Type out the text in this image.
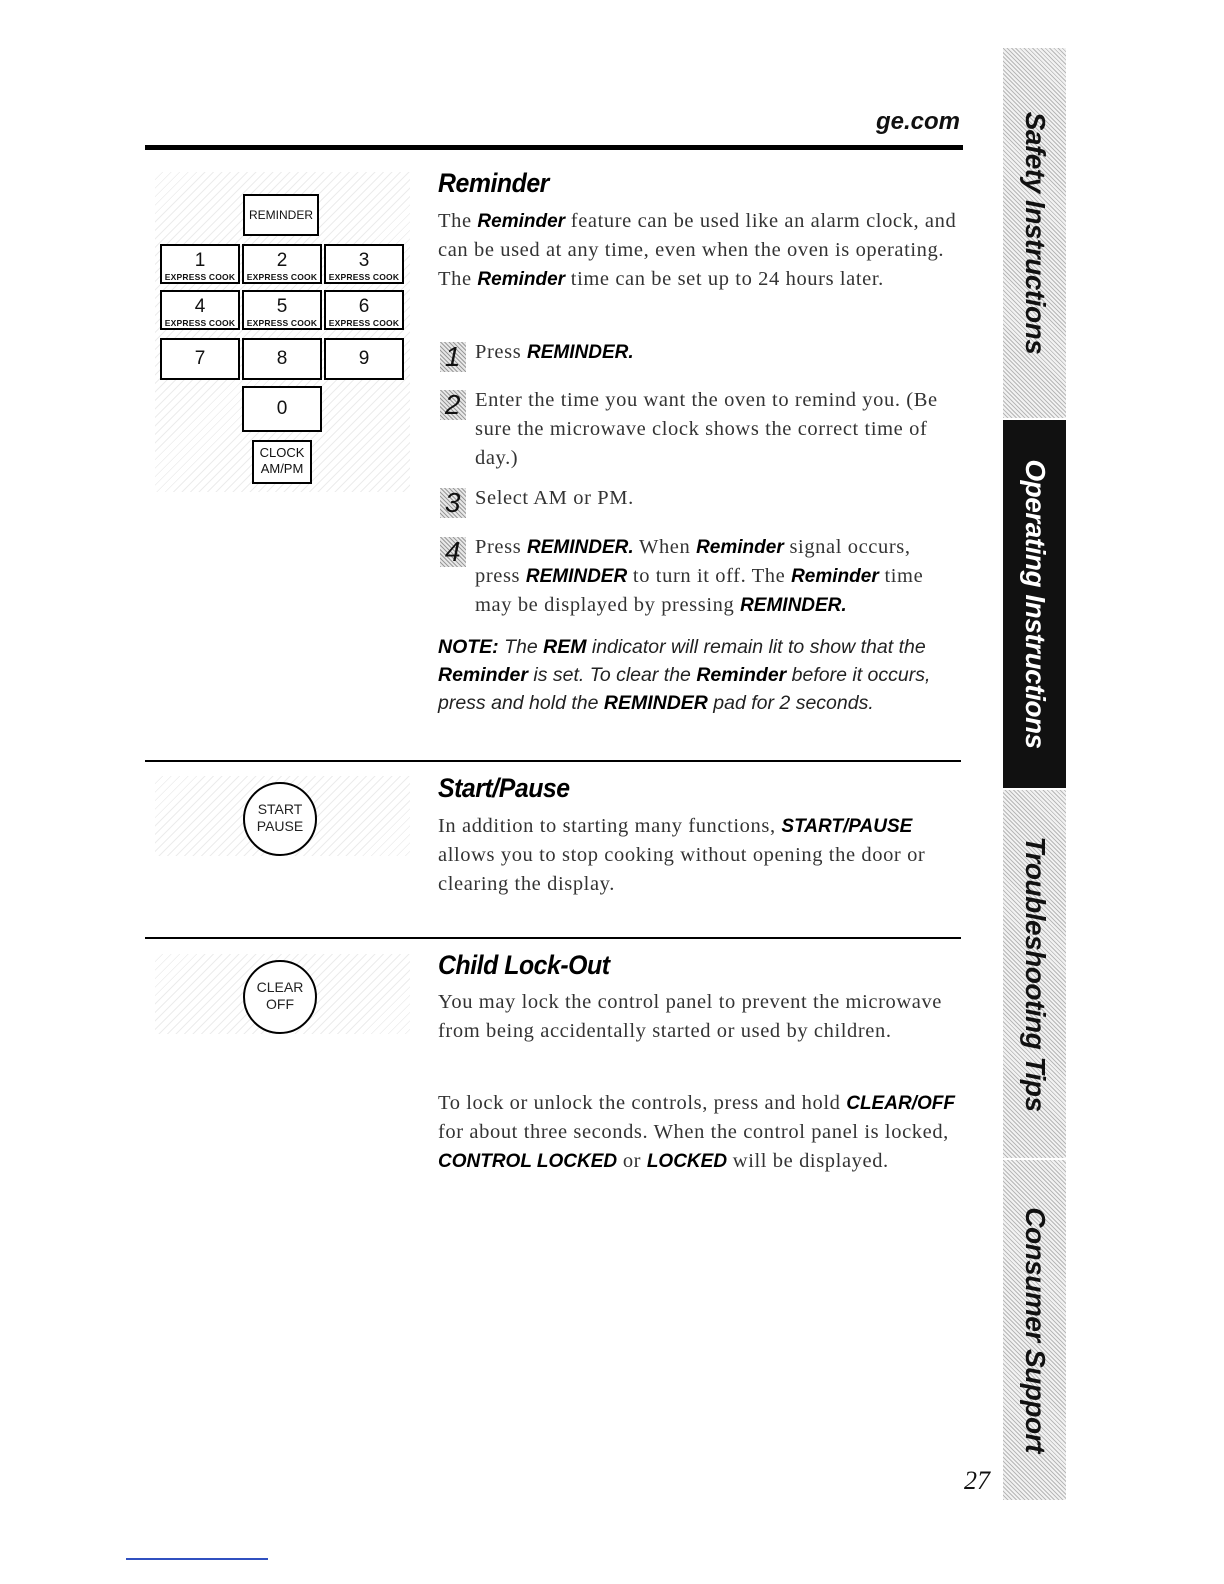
ge.com
REMINDER
1
EXPRESS COOK
2
EXPRESS COOK
3
EXPRESS COOK
4
EXPRESS COOK
5
EXPRESS COOK
6
EXPRESS COOK
7	8	9
0
CLOCK
AM/PM
Reminder
The Reminder feature can be used like an alarm clock, and can be used at any time, even when the oven is operating. The Reminder time can be set up to 24 hours later.
1 Press REMINDER.
2 Enter the time you want the oven to remind you. (Be sure the microwave clock shows the correct time of day.)
3 Select AM or PM.
4 Press REMINDER. When Reminder signal occurs, press REMINDER to turn it off. The Reminder time may be displayed by pressing REMINDER.
NOTE: The REM indicator will remain lit to show that the Reminder is set. To clear the Reminder before it occurs, press and hold the REMINDER pad for 2 seconds.
START
PAUSE
Start/Pause
In addition to starting many functions, START/PAUSE allows you to stop cooking without opening the door or clearing the display.
CLEAR
OFF
Child Lock-Out
You may lock the control panel to prevent the microwave from being accidentally started or used by children.
To lock or unlock the controls, press and hold CLEAR/OFF for about three seconds. When the control panel is locked, CONTROL LOCKED or LOCKED will be displayed.
Safety Instructions
Operating Instructions
Troubleshooting Tips
Consumer Support
27
